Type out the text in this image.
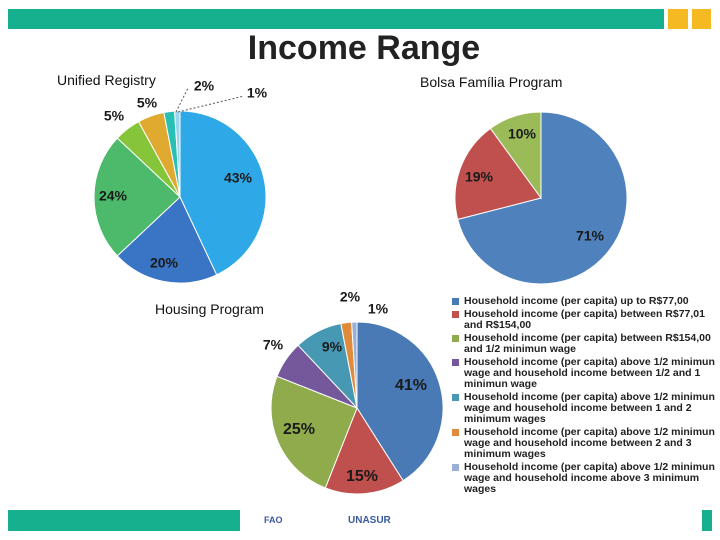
Income Range
Unified Registry	Bolsa Família Program
Housing Program
43%
20%
24%
5%
5%
2% 1%
71%
19%
10%
41%
15%
25%
7%	9%
2%
1%	Household income (per capita) up to R$77,00
Household income (per capita) between R$77,01 and R$154,00
Household income (per capita) between R$154,00 and 1/2 minimun wage
Household income (per capita) above 1/2 minimun wage and household income between 1/2 and 1 minimun wage
Household income (per capita) above 1/2 minimun wage and household income between 1 and 2 minimum wages
Household income (per capita) above 1/2 minimun wage and household income between 2 and 3 minimum wages
Household income (per capita) above 1/2 minimun wage and household income above 3 minimum wages
FAO	UNASUR
